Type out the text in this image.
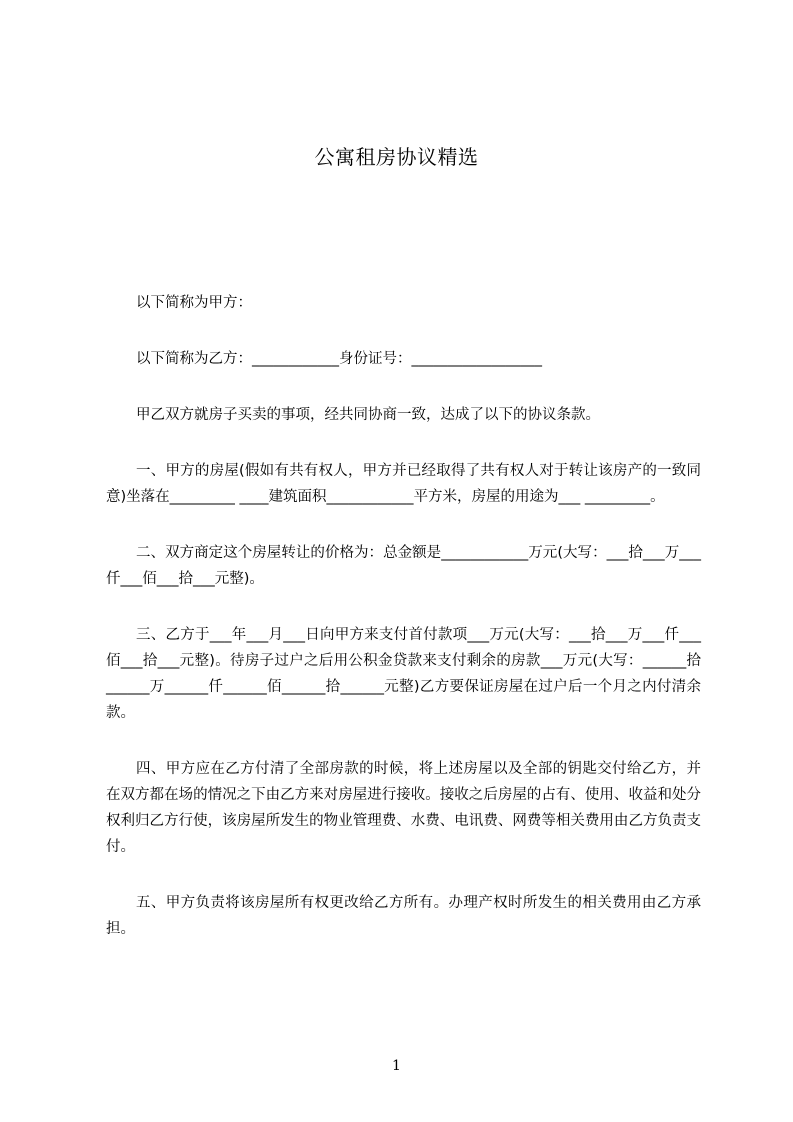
公寓租房协议精选

以下简称为甲方：

以下简称为乙方：____________身份证号：__________________

甲乙双方就房子买卖的事项，经共同协商一致，达成了以下的协议条款。

一、甲方的房屋(假如有共有权人，甲方并已经取得了共有权人对于转让该房产的一致同意)坐落在_________ ____建筑面积____________平方米，房屋的用途为___ _________。

二、双方商定这个房屋转让的价格为：总金额是____________万元(大写：___拾___万___仟___佰___拾___元整)。

三、乙方于___年___月___日向甲方来支付首付款项___万元(大写：___拾___万___仟___佰___拾___元整)。待房子过户之后用公积金贷款来支付剩余的房款___万元(大写：______拾______万______仟______佰______拾______元整)乙方要保证房屋在过户后一个月之内付清余款。

四、甲方应在乙方付清了全部房款的时候，将上述房屋以及全部的钥匙交付给乙方，并在双方都在场的情况之下由乙方来对房屋进行接收。接收之后房屋的占有、使用、收益和处分权利归乙方行使，该房屋所发生的物业管理费、水费、电讯费、网费等相关费用由乙方负责支付。

五、甲方负责将该房屋所有权更改给乙方所有。办理产权时所发生的相关费用由乙方承担。

1
